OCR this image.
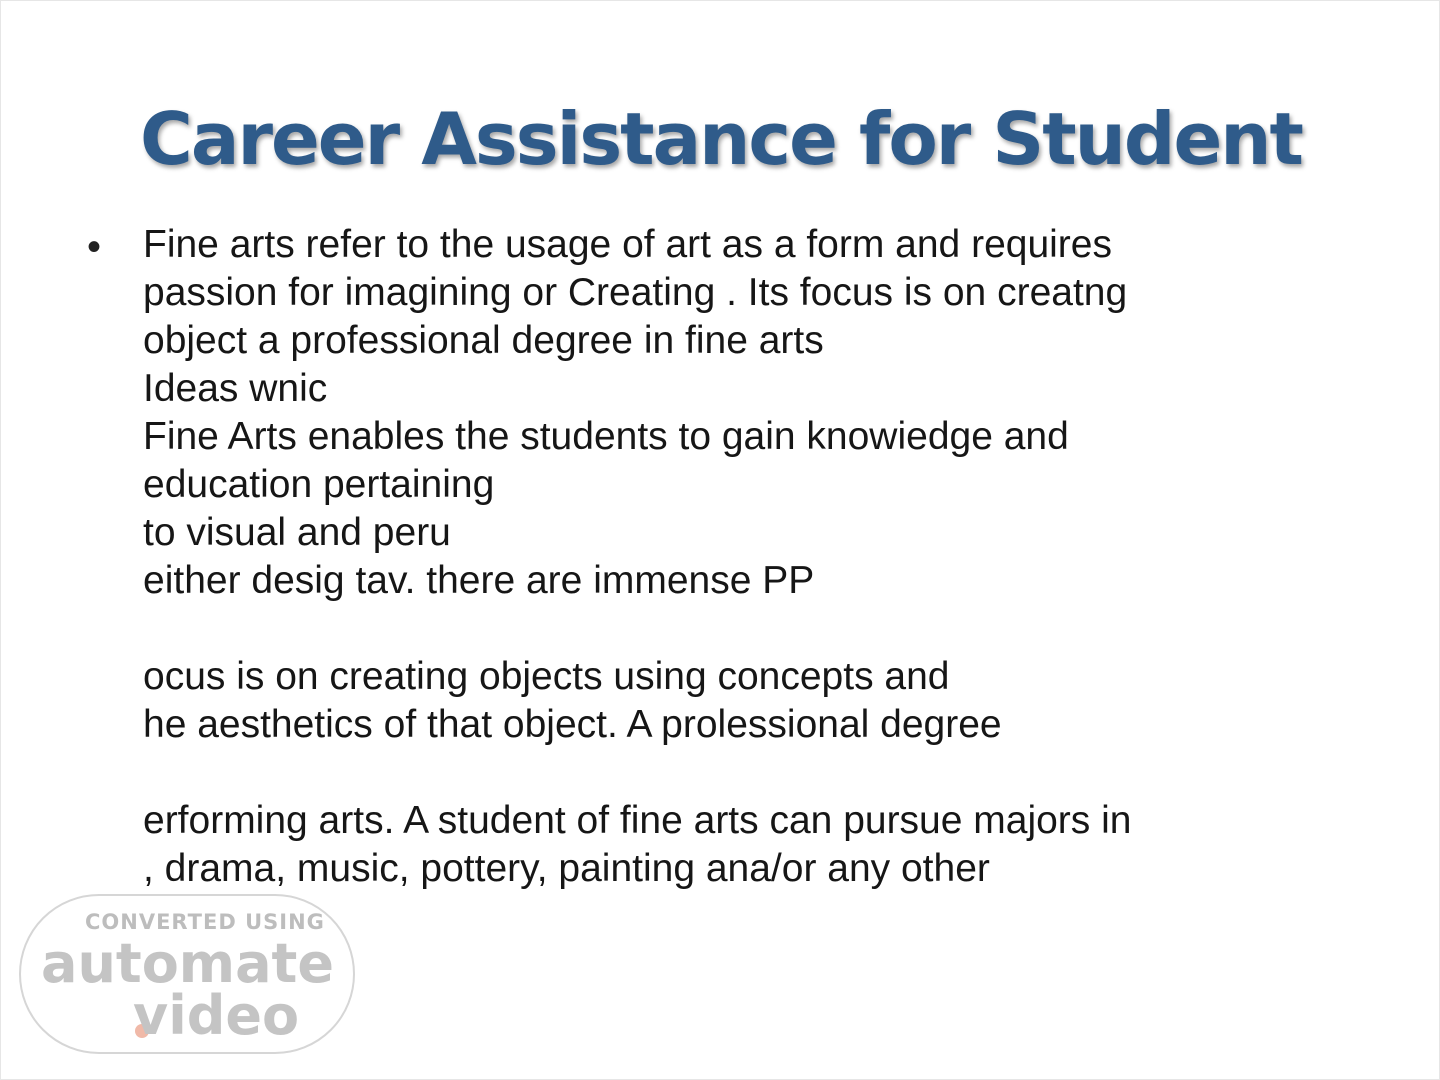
Career Assistance for Student
• Fine arts refer to the usage of art as a form and requires
passion for imagining or Creating . Its focus is on creatng
object a professional degree in fine arts
Ideas wnic
Fine Arts enables the students to gain knowiedge and
education pertaining
to visual and peru
either desig tav. there are immense PP
ocus is on creating objects using concepts and
he aesthetics of that object. A prolessional degree
erforming arts. A student of fine arts can pursue majors in
, drama, music, pottery, painting ana/or any other
CONVERTED USING
automate
video
